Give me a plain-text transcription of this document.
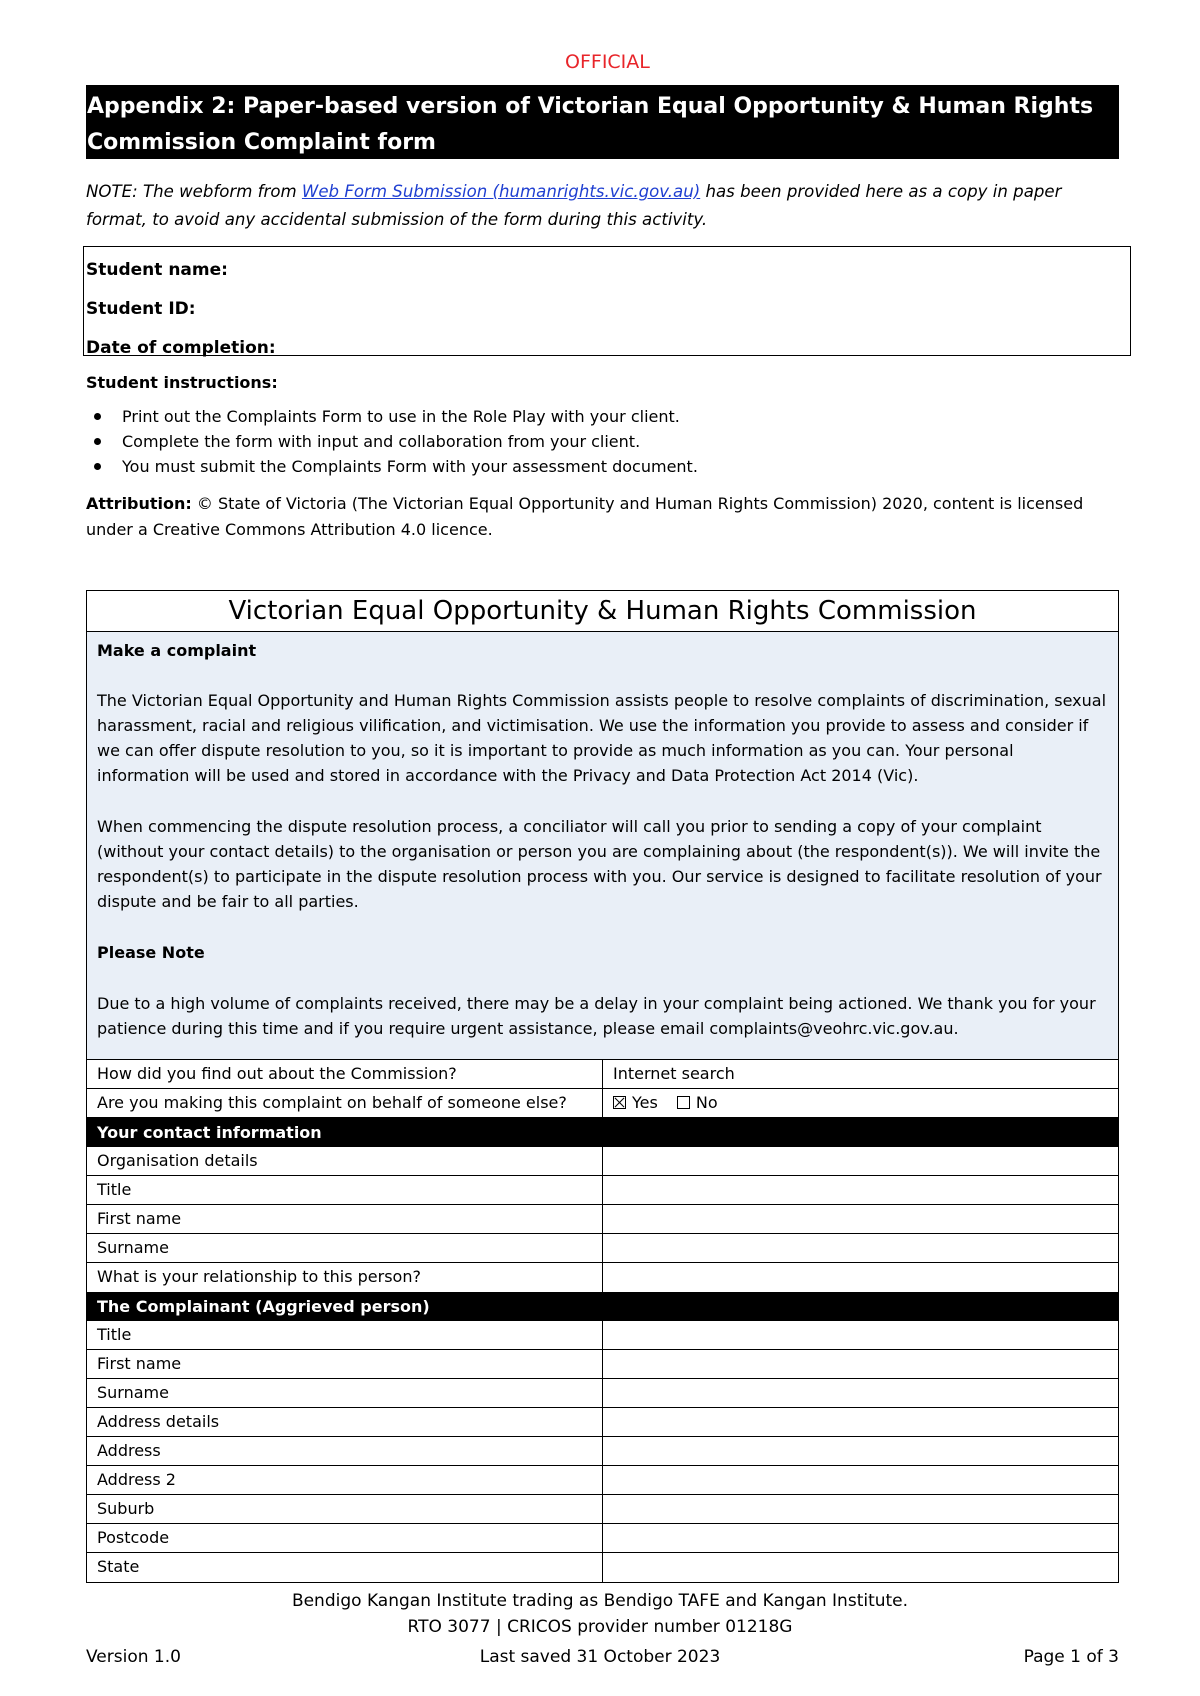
OFFICIAL
Appendix 2: Paper-based version of Victorian Equal Opportunity & Human Rights Commission Complaint form
NOTE: The webform from Web Form Submission (humanrights.vic.gov.au) has been provided here as a copy in paper format, to avoid any accidental submission of the form during this activity.
Student name:
Student ID:
Date of completion:
Student instructions:
Print out the Complaints Form to use in the Role Play with your client.
Complete the form with input and collaboration from your client.
You must submit the Complaints Form with your assessment document.
Attribution: © State of Victoria (The Victorian Equal Opportunity and Human Rights Commission) 2020, content is licensed under a Creative Commons Attribution 4.0 licence.
Victorian Equal Opportunity & Human Rights Commission

Make a complaint

The Victorian Equal Opportunity and Human Rights Commission assists people to resolve complaints of discrimination, sexual harassment, racial and religious vilification, and victimisation. We use the information you provide to assess and consider if we can offer dispute resolution to you, so it is important to provide as much information as you can. Your personal information will be used and stored in accordance with the Privacy and Data Protection Act 2014 (Vic).

When commencing the dispute resolution process, a conciliator will call you prior to sending a copy of your complaint (without your contact details) to the organisation or person you are complaining about (the respondent(s)). We will invite the respondent(s) to participate in the dispute resolution process with you. Our service is designed to facilitate resolution of your dispute and be fair to all parties.

Please Note

Due to a high volume of complaints received, there may be a delay in your complaint being actioned. We thank you for your patience during this time and if you require urgent assistance, please email complaints@veohrc.vic.gov.au.

How did you find out about the Commission?	Internet search
Are you making this complaint on behalf of someone else?	Yes No
Your contact information
Organisation details
Title
First name
Surname
What is your relationship to this person?
The Complainant (Aggrieved person)
Title
First name
Surname
Address details
Address
Address 2
Suburb
Postcode
State
Bendigo Kangan Institute trading as Bendigo TAFE and Kangan Institute.
RTO 3077 | CRICOS provider number 01218G
Version 1.0	Last saved 31 October 2023	Page 1 of 3
